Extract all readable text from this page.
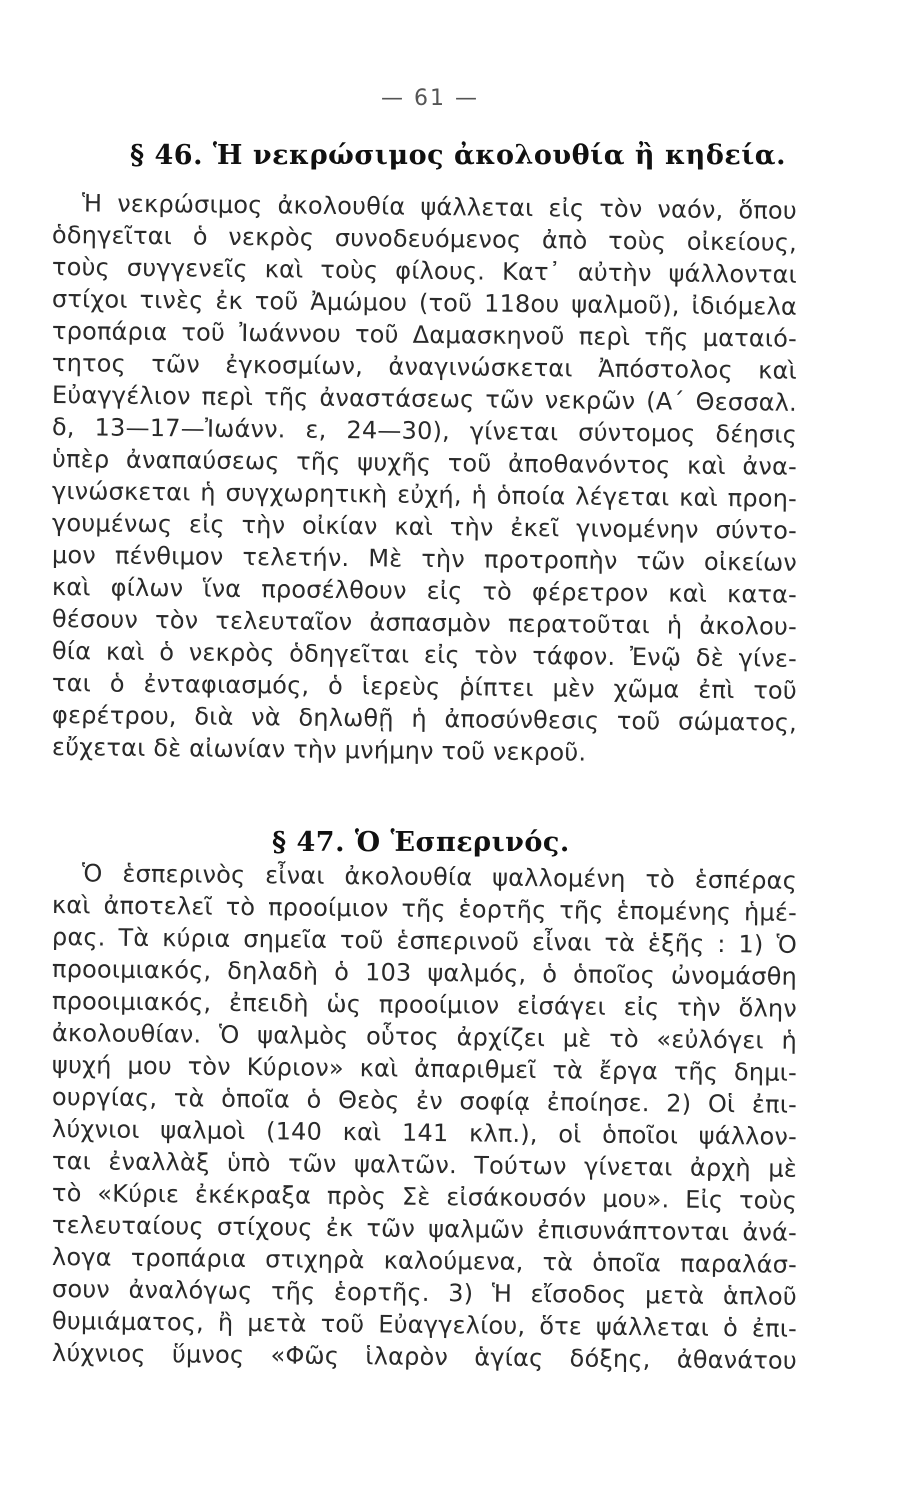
— 61 —
§ 46. Ἡ νεκρώσιμος ἀκολουθία ἢ κηδεία.
Ἡ νεκρώσιμος ἀκολουθία ψάλλεται εἰς τὸν ναόν, ὅπου
ὁδηγεῖται ὁ νεκρὸς συνοδευόμενος ἀπὸ τοὺς οἰκείους,
τοὺς συγγενεῖς καὶ τοὺς φίλους. Κατ᾽ αὐτὴν ψάλλονται
στίχοι τινὲς ἐκ τοῦ Ἀμώμου (τοῦ 118ου ψαλμοῦ), ἰδιόμελα
τροπάρια τοῦ Ἰωάννου τοῦ Δαμασκηνοῦ περὶ τῆς ματαιό-
τητος τῶν ἐγκοσμίων, ἀναγινώσκεται Ἀπόστολος καὶ
Εὐαγγέλιον περὶ τῆς ἀναστάσεως τῶν νεκρῶν (Α΄ Θεσσαλ.
δ, 13—17—Ἰωάνν. ε, 24—30), γίνεται σύντομος δέησις
ὑπὲρ ἀναπαύσεως τῆς ψυχῆς τοῦ ἀποθανόντος καὶ ἀνα-
γινώσκεται ἡ συγχωρητικὴ εὐχή, ἡ ὁποία λέγεται καὶ προη-
γουμένως εἰς τὴν οἰκίαν καὶ τὴν ἐκεῖ γινομένην σύντο-
μον πένθιμον τελετήν. Μὲ τὴν προτροπὴν τῶν οἰκείων
καὶ φίλων ἵνα προσέλθουν εἰς τὸ φέρετρον καὶ κατα-
θέσουν τὸν τελευταῖον ἀσπασμὸν περατοῦται ἡ ἀκολου-
θία καὶ ὁ νεκρὸς ὁδηγεῖται εἰς τὸν τάφον. Ἐνῷ δὲ γίνε-
ται ὁ ἐνταφιασμός, ὁ ἱερεὺς ῥίπτει μὲν χῶμα ἐπὶ τοῦ
φερέτρου, διὰ νὰ δηλωθῇ ἡ ἀποσύνθεσις τοῦ σώματος,
εὔχεται δὲ αἰωνίαν τὴν μνήμην τοῦ νεκροῦ.
§ 47. Ὁ Ἑσπερινός.
Ὁ ἑσπερινὸς εἶναι ἀκολουθία ψαλλομένη τὸ ἑσπέρας
καὶ ἀποτελεῖ τὸ προοίμιον τῆς ἑορτῆς τῆς ἑπομένης ἡμέ-
ρας. Τὰ κύρια σημεῖα τοῦ ἑσπερινοῦ εἶναι τὰ ἑξῆς : 1) Ὁ
προοιμιακός, δηλαδὴ ὁ 103 ψαλμός, ὁ ὁποῖος ὠνομάσθη
προοιμιακός, ἐπειδὴ ὡς προοίμιον εἰσάγει εἰς τὴν ὅλην
ἀκολουθίαν. Ὁ ψαλμὸς οὗτος ἀρχίζει μὲ τὸ «εὐλόγει ἡ
ψυχή μου τὸν Κύριον» καὶ ἀπαριθμεῖ τὰ ἔργα τῆς δημι-
ουργίας, τὰ ὁποῖα ὁ Θεὸς ἐν σοφίᾳ ἐποίησε. 2) Οἱ ἐπι-
λύχνιοι ψαλμοὶ (140 καὶ 141 κλπ.), οἱ ὁποῖοι ψάλλον-
ται ἐναλλὰξ ὑπὸ τῶν ψαλτῶν. Τούτων γίνεται ἀρχὴ μὲ
τὸ «Κύριε ἐκέκραξα πρὸς Σὲ εἰσάκουσόν μου». Εἰς τοὺς
τελευταίους στίχους ἐκ τῶν ψαλμῶν ἐπισυνάπτονται ἀνά-
λογα τροπάρια στιχηρὰ καλούμενα, τὰ ὁποῖα παραλάσ-
σουν ἀναλόγως τῆς ἑορτῆς. 3) Ἡ εἴσοδος μετὰ ἁπλοῦ
θυμιάματος, ἢ μετὰ τοῦ Εὐαγγελίου, ὅτε ψάλλεται ὁ ἐπι-
λύχνιος ὕμνος «Φῶς ἱλαρὸν ἁγίας δόξης, ἀθανάτου
